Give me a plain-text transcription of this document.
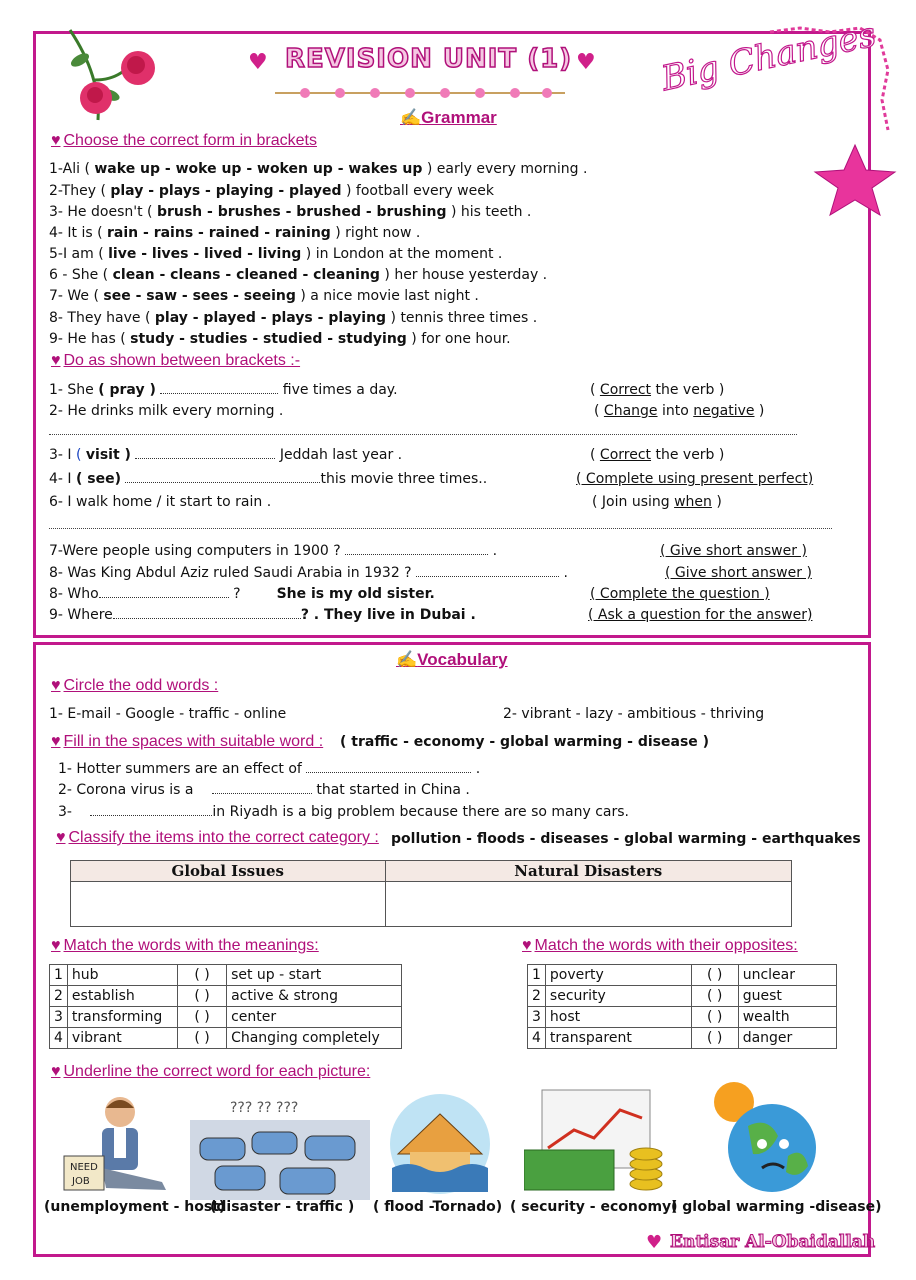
♥	♥
REVISION UNIT (1)	Big Changes
✍Grammar
♥ Choose the correct form in brackets
1-Ali ( wake up - woke up - woken up - wakes up ) early every morning .
2-They ( play - plays - playing - played ) football every week
3- He doesn't ( brush - brushes - brushed - brushing ) his teeth .
4- It is ( rain - rains - rained - raining ) right now .
5-I am ( live - lives - lived - living ) in London at the moment .
6 - She ( clean - cleans - cleaned - cleaning ) her house yesterday .
7- We ( see - saw - sees - seeing ) a nice movie last night .
8- They have ( play - played - plays - playing ) tennis three times .
9- He has ( study - studies - studied - studying ) for one hour.
♥ Do as shown between brackets :-
1- She ( pray )	five times a day.	( Correct the verb )
2- He drinks milk every morning .	( Change into negative )
3- I ( visit )	Jeddah last year .	( Correct the verb )
4- I ( see)	this movie three times..	( Complete using present perfect)
6- I walk home / it start to rain .	( Join using when )
7-Were people using computers in 1900 ?	.	( Give short answer )
8- Was King Abdul Aziz ruled Saudi Arabia in 1932 ?	.	( Give short answer )
8- Who	?	She is my old sister.	( Complete the question )
9- Where	? . They live in Dubai .	( Ask a question for the answer)
✍Vocabulary
♥ Circle the odd words :
1- E-mail - Google - traffic - online	2- vibrant - lazy - ambitious - thriving
♥ Fill in the spaces with suitable word : ( traffic - economy - global warming - disease )
1- Hotter summers are an effect of	.
2- Corona virus is a	that started in China .
3-	in Riyadh is a big problem because there are so many cars.
♥ Classify the items into the correct category : pollution - floods - diseases - global warming - earthquakes
Global Issues	Natural Disasters

♥ Match the words with the meanings:	♥ Match the words with their opposites:
1	hub	( )	set up - start
2	establish	( )	active & strong
3	transforming	( )	center
4	vibrant	( )	Changing completely
1	poverty	( )	unclear
2	security	( )	guest
3	host	( )	wealth
4	transparent	( )	danger
♥ Underline the correct word for each picture:
NEED
JOB
??? ?? ???
(unemployment - host)
(disaster - traffic ) ( flood -Tornado) ( security - economy)
( global warming -disease)
♥ Entisar Al-Obaidallah
